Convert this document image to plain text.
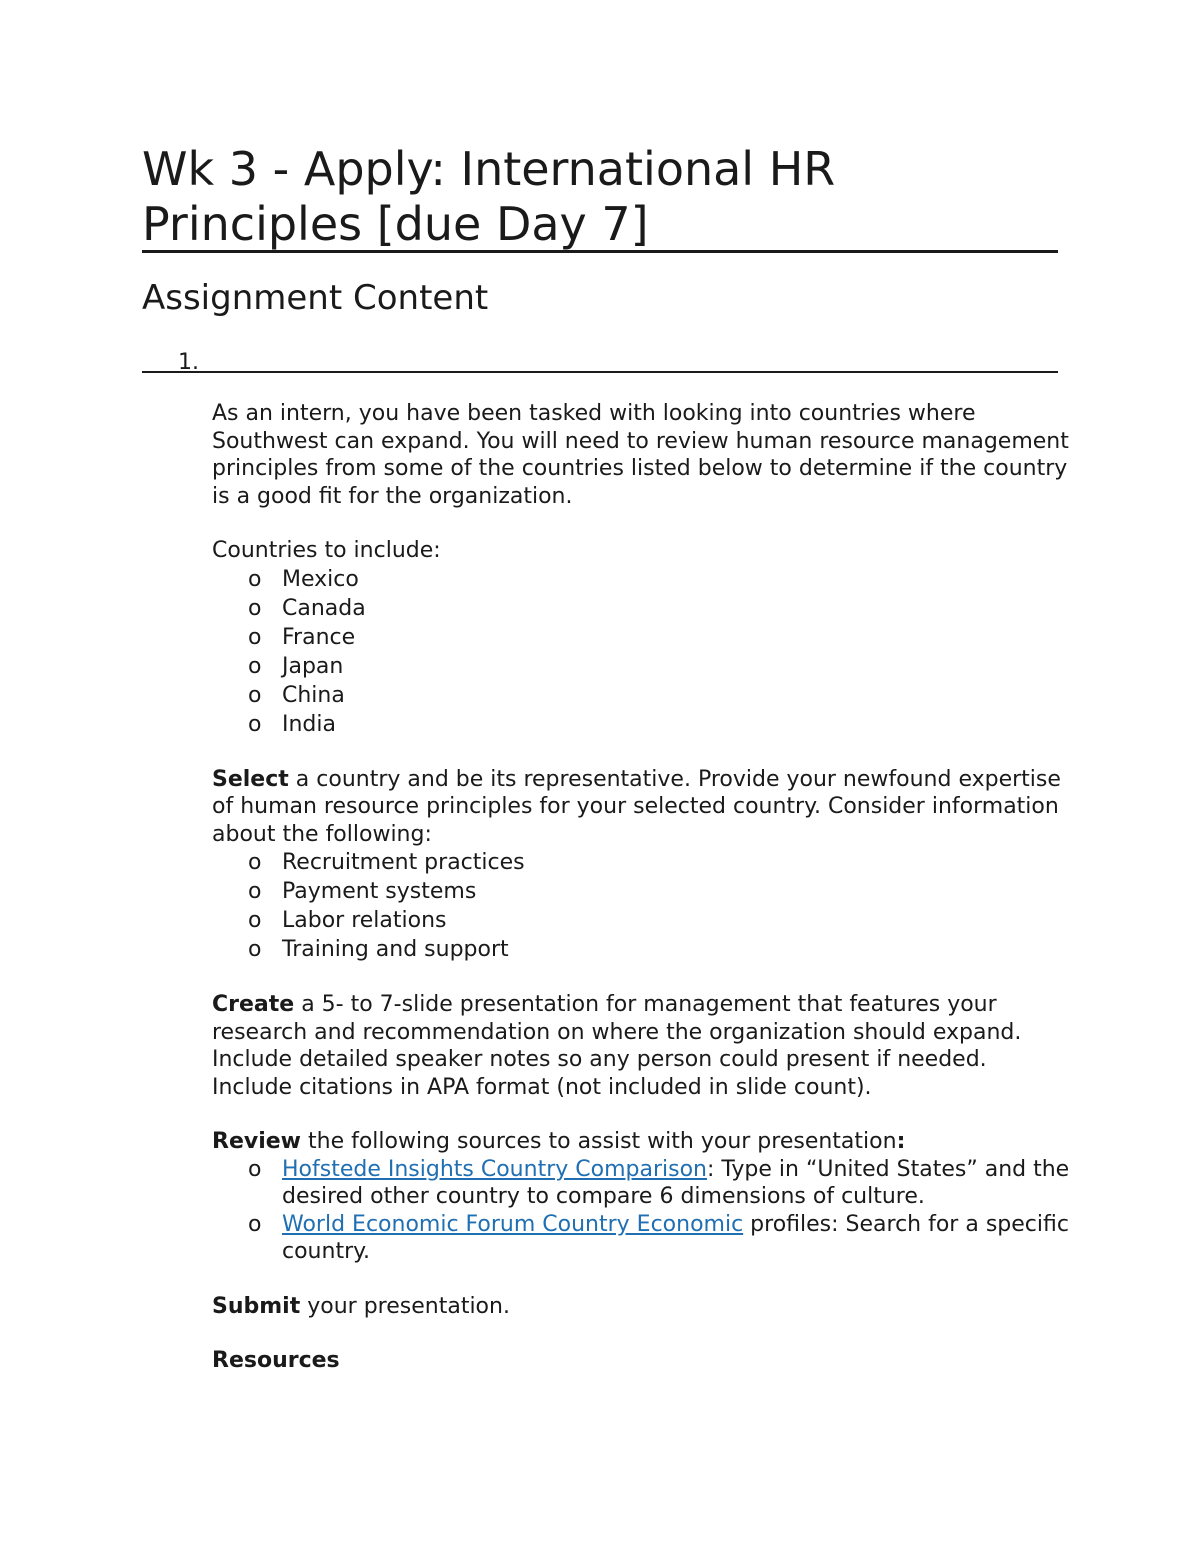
Wk 3 - Apply: International HR Principles [due Day 7]
Assignment Content
1.

As an intern, you have been tasked with looking into countries where Southwest can expand. You will need to review human resource management principles from some of the countries listed below to determine if the country is a good fit for the organization.

Countries to include:

o Mexico
o Canada
o France
o Japan
o China
o India

Select a country and be its representative. Provide your newfound expertise of human resource principles for your selected country. Consider information about the following:

o Recruitment practices
o Payment systems
o Labor relations
o Training and support

Create a 5- to 7-slide presentation for management that features your research and recommendation on where the organization should expand. Include detailed speaker notes so any person could present if needed. Include citations in APA format (not included in slide count).

Review the following sources to assist with your presentation:

o Hofstede Insights Country Comparison: Type in “United States” and the desired other country to compare 6 dimensions of culture.
o World Economic Forum Country Economic profiles: Search for a specific country.

Submit your presentation.

Resources
